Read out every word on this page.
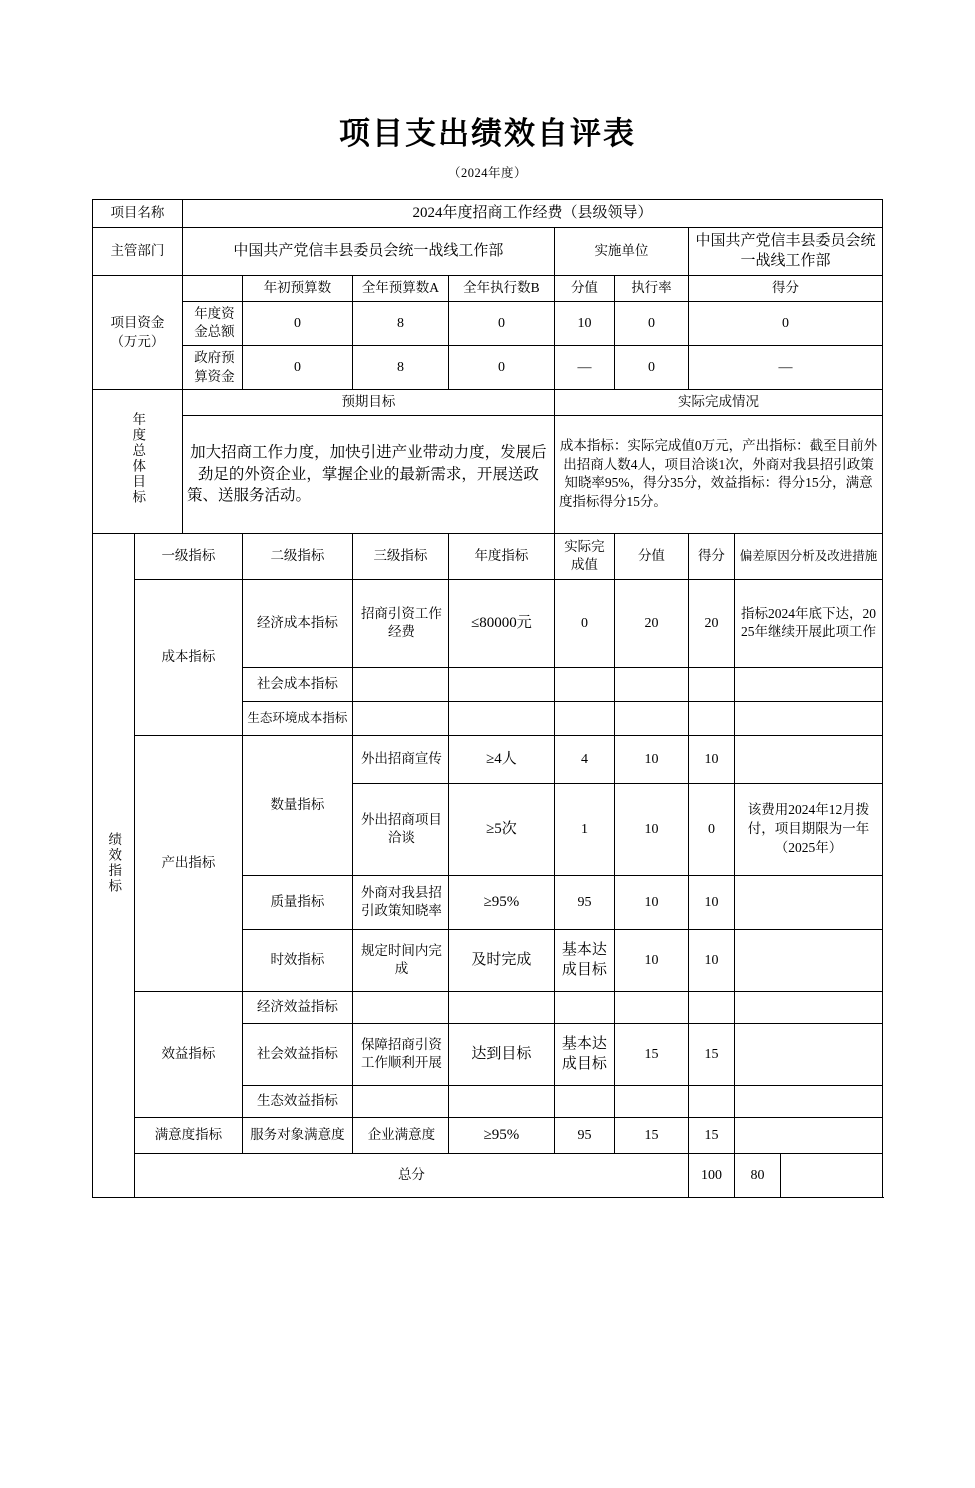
项目支出绩效自评表
（2024年度）
项目名称		2024年度招商工作经费（县级领导）								
主管部门		中国共产党信丰县委员会统一战线工作部				实施单位		中国共产党信丰县委员会统一战线工作部		

项目资金
（万元）			年初预算数	全年预算数A	全年执行数B	分值	执行率	得分		
		年度资金总额	0	8	0	10	0	0		
		政府预算资金	0	8	0	—	0	—		
年度总体目标		预期目标				实际完成情况				
		加大招商工作力度，加快引进产业带动力度，发展后劲足的外资企业，掌握企业的最新需求，开展送政策、送服务活动。				成本指标：实际完成值0万元，产出指标：截至目前外出招商人数4人，项目洽谈1次，外商对我县招引政策知晓率95%，得分35分，效益指标：得分15分，满意度指标得分15分。				
绩效指标	一级指标		二级指标	三级指标	年度指标	实际完成值	分值	得分	偏差原因分析及改进措施	
	成本指标		经济成本指标	招商引资工作经费	≤80000元	0	20	20	指标2024年底下达，2025年继续开展此项工作	
			社会成本指标							
			生态环境成本指标							
	产出指标		数量指标	外出招商宣传	≥4人	4	10	10		
				外出招商项目洽谈	≥5次	1	10	0	该费用2024年12月拨付，项目期限为一年（2025年）	
			质量指标	外商对我县招引政策知晓率	≥95%	95	10	10		
			时效指标	规定时间内完成	及时完成	基本达成目标	10	10		
	效益指标		经济效益指标							
			社会效益指标	保障招商引资工作顺利开展	达到目标	基本达成目标	15	15		
			生态效益指标							
	满意度指标		服务对象满意度	企业满意度	≥95%	95	15	15		
	总分							100	80	
